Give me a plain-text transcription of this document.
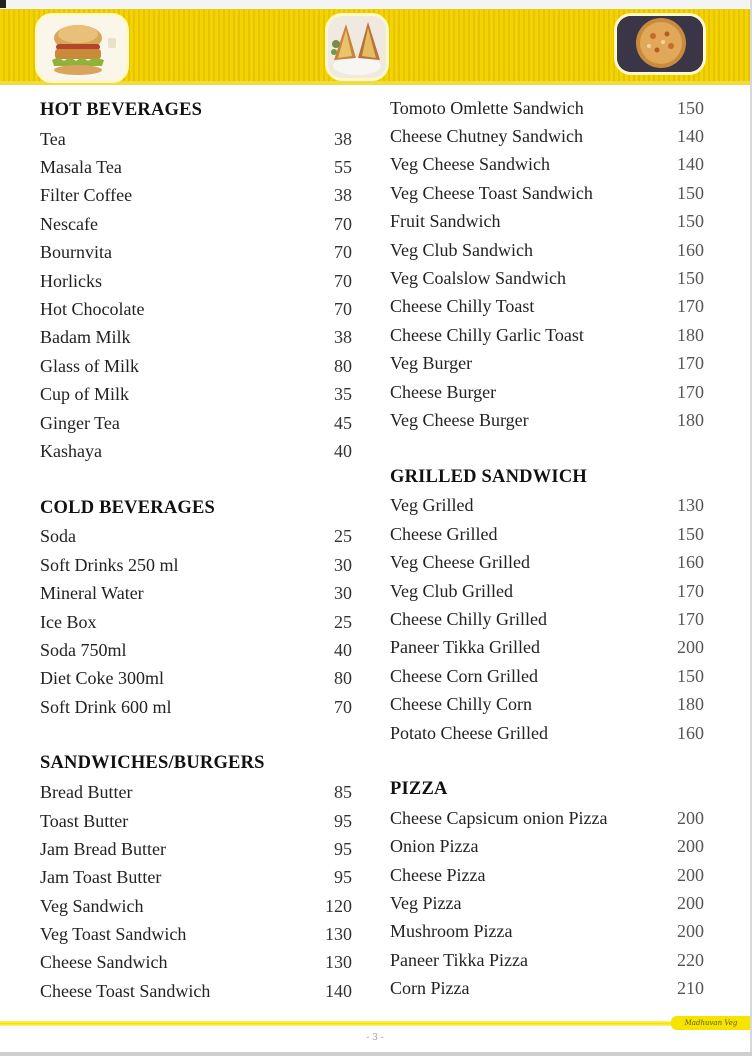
HOT BEVERAGES
Tea	38
Masala Tea	55
Filter Coffee	38
Nescafe	70
Bournvita	70
Horlicks	70
Hot Chocolate	70
Badam Milk	38
Glass of Milk	80
Cup of Milk	35
Ginger Tea	45
Kashaya	40
COLD BEVERAGES
Soda	25
Soft Drinks 250 ml	30
Mineral Water	30
Ice Box	25
Soda 750ml	40
Diet Coke 300ml	80
Soft Drink 600 ml	70
SANDWICHES/BURGERS
Bread Butter	85
Toast Butter	95
Jam Bread Butter	95
Jam Toast Butter	95
Veg Sandwich	120
Veg Toast Sandwich	130
Cheese Sandwich	130
Cheese Toast Sandwich	140
Tomoto Omlette Sandwich	150
Cheese Chutney Sandwich	140
Veg Cheese Sandwich	140
Veg Cheese Toast Sandwich	150
Fruit Sandwich	150
Veg Club Sandwich	160
Veg Coalslow Sandwich	150
Cheese Chilly Toast	170
Cheese Chilly Garlic Toast	180
Veg Burger	170
Cheese Burger	170
Veg Cheese Burger	180
GRILLED SANDWICH
Veg Grilled	130
Cheese Grilled	150
Veg Cheese Grilled	160
Veg Club Grilled	170
Cheese Chilly Grilled	170
Paneer Tikka Grilled	200
Cheese Corn Grilled	150
Cheese Chilly Corn	180
Potato Cheese Grilled	160
PIZZA
Cheese Capsicum onion Pizza	200
Onion Pizza	200
Cheese Pizza	200
Veg Pizza	200
Mushroom Pizza	200
Paneer Tikka Pizza	220
Corn Pizza	210
Madhuvan Veg
- 3 -
